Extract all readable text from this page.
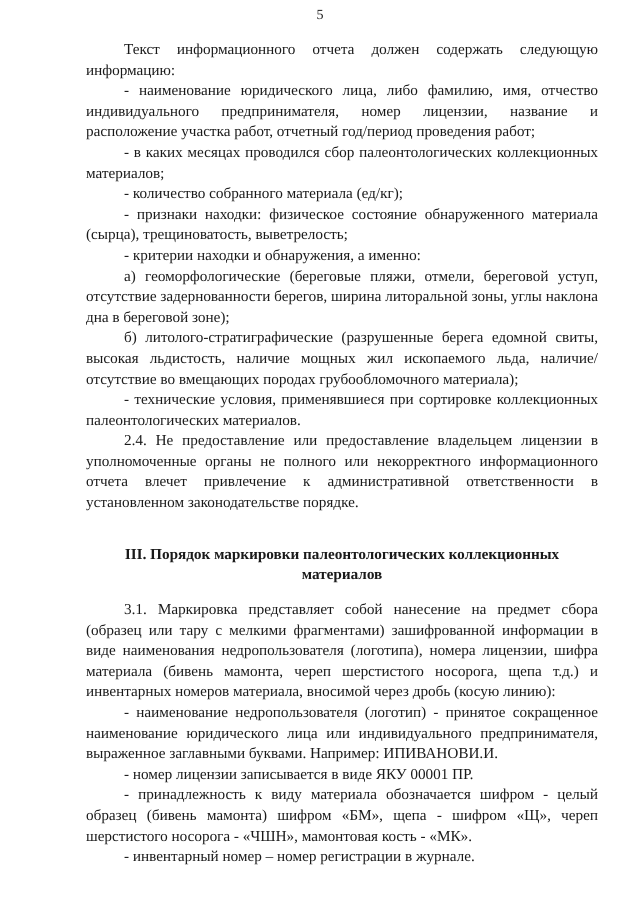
5

Текст информационного отчета должен содержать следующую информацию:

- наименование юридического лица, либо фамилию, имя, отчество индивидуального предпринимателя, номер лицензии, название и расположение участка работ, отчетный год/период проведения работ;

- в каких месяцах проводился сбор палеонтологических коллекционных материалов;

- количество собранного материала (ед/кг);

- признаки находки: физическое состояние обнаруженного материала (сырца), трещиноватость, выветрелость;

- критерии находки и обнаружения, а именно:

а) геоморфологические (береговые пляжи, отмели, береговой уступ, отсутствие задернованности берегов, ширина литоральной зоны, углы наклона дна в береговой зоне);

б) литолого-стратиграфические (разрушенные берега едомной свиты, высокая льдистость, наличие мощных жил ископаемого льда, наличие/отсутствие во вмещающих породах грубообломочного материала);

- технические условия, применявшиеся при сортировке коллекционных палеонтологических материалов.

2.4. Не предоставление или предоставление владельцем лицензии в уполномоченные органы не полного или некорректного информационного отчета влечет привлечение к административной ответственности в установленном законодательстве порядке.

III. Порядок маркировки палеонтологических коллекционных материалов

3.1. Маркировка представляет собой нанесение на предмет сбора (образец или тару с мелкими фрагментами) зашифрованной информации в виде наименования недропользователя (логотипа), номера лицензии, шифра материала (бивень мамонта, череп шерстистого носорога, щепа т.д.) и инвентарных номеров материала, вносимой через дробь (косую линию):

- наименование недропользователя (логотип) - принятое сокращенное наименование юридического лица или индивидуального предпринимателя, выраженное заглавными буквами. Например: ИПИВАНОВИ.И.

- номер лицензии записывается в виде ЯКУ 00001 ПР.

- принадлежность к виду материала обозначается шифром - целый образец (бивень мамонта) шифром «БМ», щепа - шифром «Щ», череп шерстистого носорога - «ЧШН», мамонтовая кость - «МК».

- инвентарный номер – номер регистрации в журнале.
